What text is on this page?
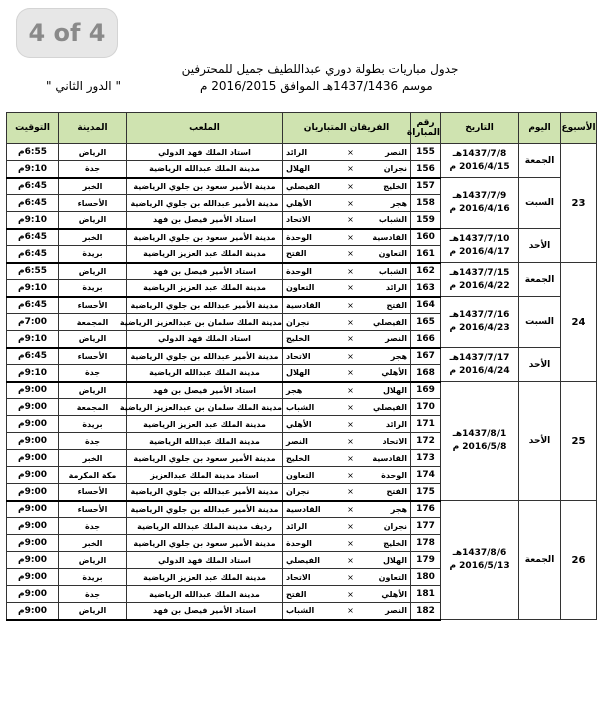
4 of 4
جدول مباريات بطولة دوري عبداللطيف جميل للمحترفين
موسم 1437/1436هـ الموافق 2016/2015 م
" الدور الثاني "
الأسبوع	اليوم	التاريخ	رقم المباراة	الفريقان المتباريان			الملعب	المدينة	التوقيت
23	الجمعة	1437/7/8هـ
2016/4/15 م	155	النصر	×	الرائد	استاد الملك فهد الدولي	الرياض	6:55م
			156	نجران	×	الهلال	مدينة الملك عبدالله الرياضية	جدة	9:10م
	السبت	1437/7/9هـ
2016/4/16 م	157	الخليج	×	الفيصلي	مدينة الأمير سعود بن جلوي الرياضية	الخبر	6:45م
			158	هجر	×	الأهلي	مدينة الأمير عبدالله بن جلوي الرياضية	الأحساء	6:45م
			159	الشباب	×	الاتحاد	استاد الأمير فيصل بن فهد	الرياض	9:10م
	الأحد	1437/7/10هـ
2016/4/17 م	160	القادسية	×	الوحدة	مدينة الأمير سعود بن جلوي الرياضية	الخبر	6:45م
			161	التعاون	×	الفتح	مدينة الملك عبد العزيز الرياضية	بريدة	6:45م
24	الجمعة	1437/7/15هـ
2016/4/22 م	162	الشباب	×	الوحدة	استاد الأمير فيصل بن فهد	الرياض	6:55م
			163	الرائد	×	التعاون	مدينة الملك عبد العزيز الرياضية	بريدة	9:10م
	السبت	1437/7/16هـ
2016/4/23 م	164	الفتح	×	القادسية	مدينة الأمير عبدالله بن جلوي الرياضية	الأحساء	6:45م
			165	الفيصلي	×	نجران	مدينة الملك سلمان بن عبدالعزيز الرياضية	المجمعة	7:00م
			166	النصر	×	الخليج	استاد الملك فهد الدولي	الرياض	9:10م
	الأحد	1437/7/17هـ
2016/4/24 م	167	هجر	×	الاتحاد	مدينة الأمير عبدالله بن جلوي الرياضية	الأحساء	6:45م
			168	الأهلي	×	الهلال	مدينة الملك عبدالله الرياضية	جدة	9:10م
25	الأحد	1437/8/1هـ
2016/5/8 م	169	الهلال	×	هجر	استاد الأمير فيصل بن فهد	الرياض	9:00م
			170	الفيصلي	×	الشباب	مدينة الملك سلمان بن عبدالعزيز الرياضية	المجمعة	9:00م
			171	الرائد	×	الأهلي	مدينة الملك عبد العزيز الرياضية	بريدة	9:00م
			172	الاتحاد	×	النصر	مدينة الملك عبدالله الرياضية	جدة	9:00م
			173	القادسية	×	الخليج	مدينة الأمير سعود بن جلوي الرياضية	الخبر	9:00م
			174	الوحدة	×	التعاون	استاد مدينة الملك عبدالعزيز	مكة المكرمة	9:00م
			175	الفتح	×	نجران	مدينة الأمير عبدالله بن جلوي الرياضية	الأحساء	9:00م
26	الجمعة	1437/8/6هـ
2016/5/13 م	176	هجر	×	القادسية	مدينة الأمير عبدالله بن جلوي الرياضية	الأحساء	9:00م
			177	نجران	×	الرائد	رديف مدينة الملك عبدالله الرياضية	جدة	9:00م
			178	الخليج	×	الوحدة	مدينة الأمير سعود بن جلوي الرياضية	الخبر	9:00م
			179	الهلال	×	الفيصلي	استاد الملك فهد الدولي	الرياض	9:00م
			180	التعاون	×	الاتحاد	مدينة الملك عبد العزيز الرياضية	بريدة	9:00م
			181	الأهلي	×	الفتح	مدينة الملك عبدالله الرياضية	جدة	9:00م
			182	النصر	×	الشباب	استاد الأمير فيصل بن فهد	الرياض	9:00م
